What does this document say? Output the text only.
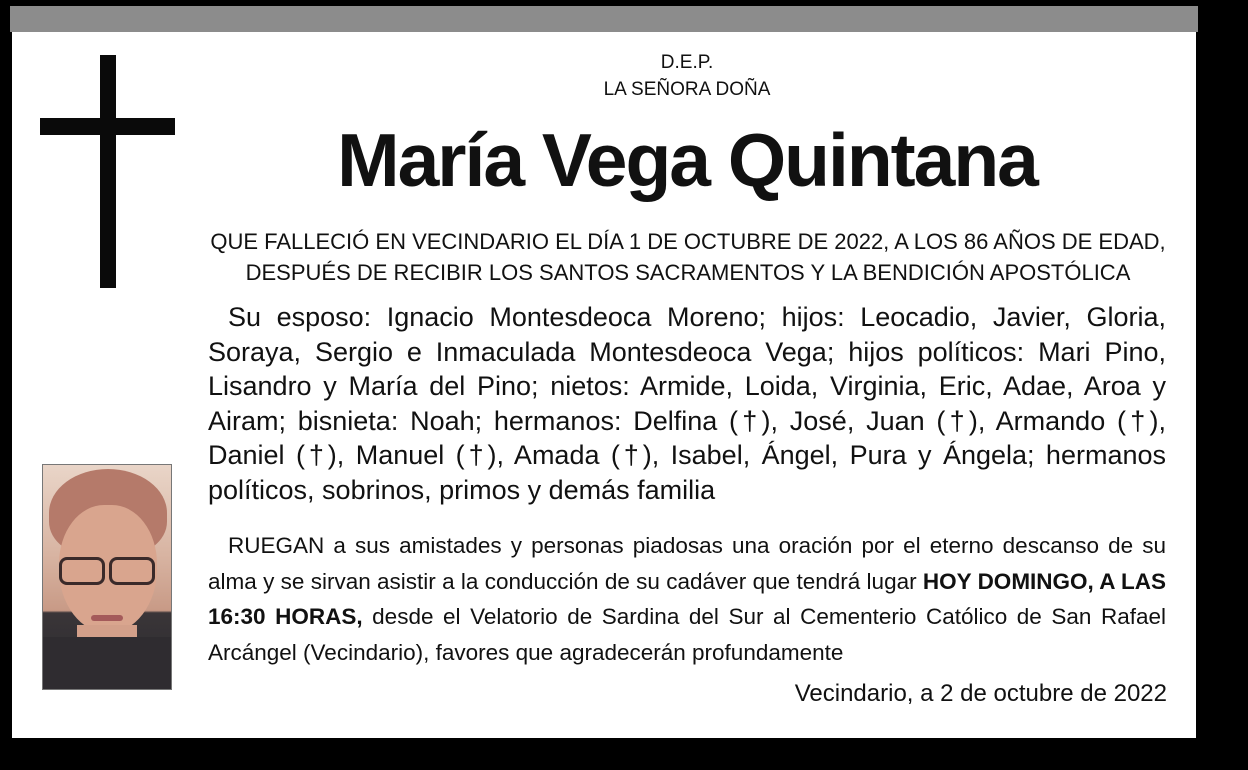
D.E.P.

LA SEÑORA DOÑA

María Vega Quintana

QUE FALLECIÓ EN VECINDARIO EL DÍA 1 DE OCTUBRE DE 2022, A LOS 86 AÑOS DE EDAD,
DESPUÉS DE RECIBIR LOS SANTOS SACRAMENTOS Y LA BENDICIÓN APOSTÓLICA

Su esposo: Ignacio Montesdeoca Moreno; hijos: Leocadio, Javier, Gloria, Soraya, Sergio e Inmaculada Montesdeoca Vega; hijos políticos: Mari Pino, Lisandro y María del Pino; nietos: Armide, Loida, Virginia, Eric, Adae, Aroa y Airam; bisnieta: Noah; hermanos: Delfina (†), José, Juan (†), Armando (†), Daniel (†), Manuel (†), Amada (†), Isabel, Ángel, Pura y Ángela; hermanos políticos, sobrinos, primos y demás familia

RUEGAN a sus amistades y personas piadosas una oración por el eterno descanso de su alma y se sirvan asistir a la conducción de su cadáver que tendrá lugar HOY DOMINGO, A LAS 16:30 HORAS, desde el Velatorio de Sardina del Sur al Cementerio Católico de San Rafael Arcángel (Vecindario), favores que agradecerán profundamente

Vecindario, a 2 de octubre de 2022
